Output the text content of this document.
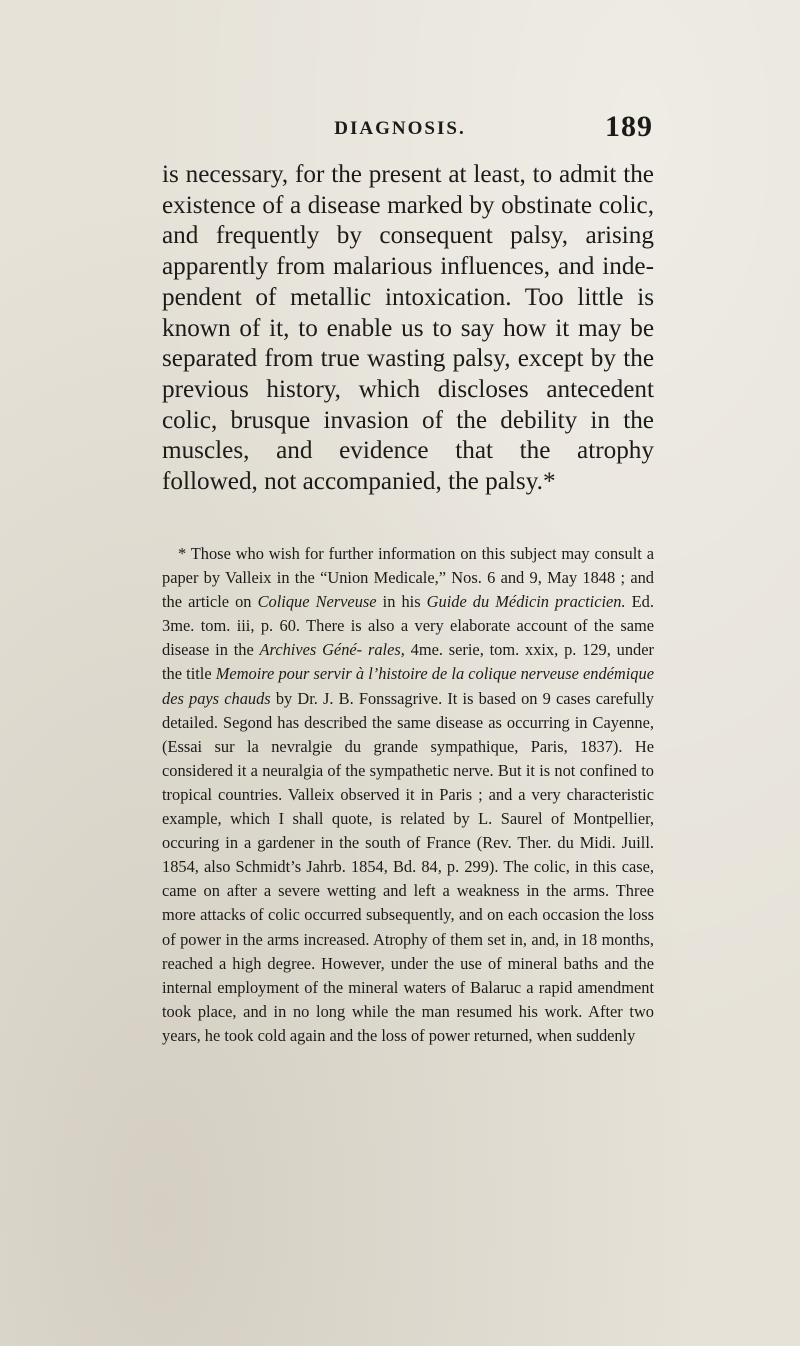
DIAGNOSIS.	189

is necessary, for the present at least, to admit the existence of a disease marked by obstinate colic, and frequently by consequent palsy, arising apparently from malarious influences, and inde- pendent of metallic intoxication. Too little is known of it, to enable us to say how it may be separated from true wasting palsy, except by the previous history, which discloses antecedent colic, brusque invasion of the debility in the muscles, and evidence that the atrophy followed, not accompanied, the palsy.*

* Those who wish for further information on this subject may consult a paper by Valleix in the “Union Medicale,” Nos. 6 and 9, May 1848 ; and the article on Colique Nerveuse in his Guide du Médicin practicien. Ed. 3me. tom. iii, p. 60. There is also a very elaborate account of the same disease in the Archives Géné- rales, 4me. serie, tom. xxix, p. 129, under the title Memoire pour servir à l’histoire de la colique nerveuse endémique des pays chauds by Dr. J. B. Fonssagrive. It is based on 9 cases carefully detailed. Segond has described the same disease as occurring in Cayenne, (Essai sur la nevralgie du grande sympathique, Paris, 1837). He considered it a neuralgia of the sympathetic nerve. But it is not confined to tropical countries. Valleix observed it in Paris ; and a very characteristic example, which I shall quote, is related by L. Saurel of Montpellier, occuring in a gardener in the south of France (Rev. Ther. du Midi. Juill. 1854, also Schmidt’s Jahrb. 1854, Bd. 84, p. 299). The colic, in this case, came on after a severe wetting and left a weakness in the arms. Three more attacks of colic occurred subsequently, and on each occasion the loss of power in the arms increased. Atrophy of them set in, and, in 18 months, reached a high degree. However, under the use of mineral baths and the internal employment of the mineral waters of Balaruc a rapid amendment took place, and in no long while the man resumed his work. After two years, he took cold again and the loss of power returned, when suddenly
